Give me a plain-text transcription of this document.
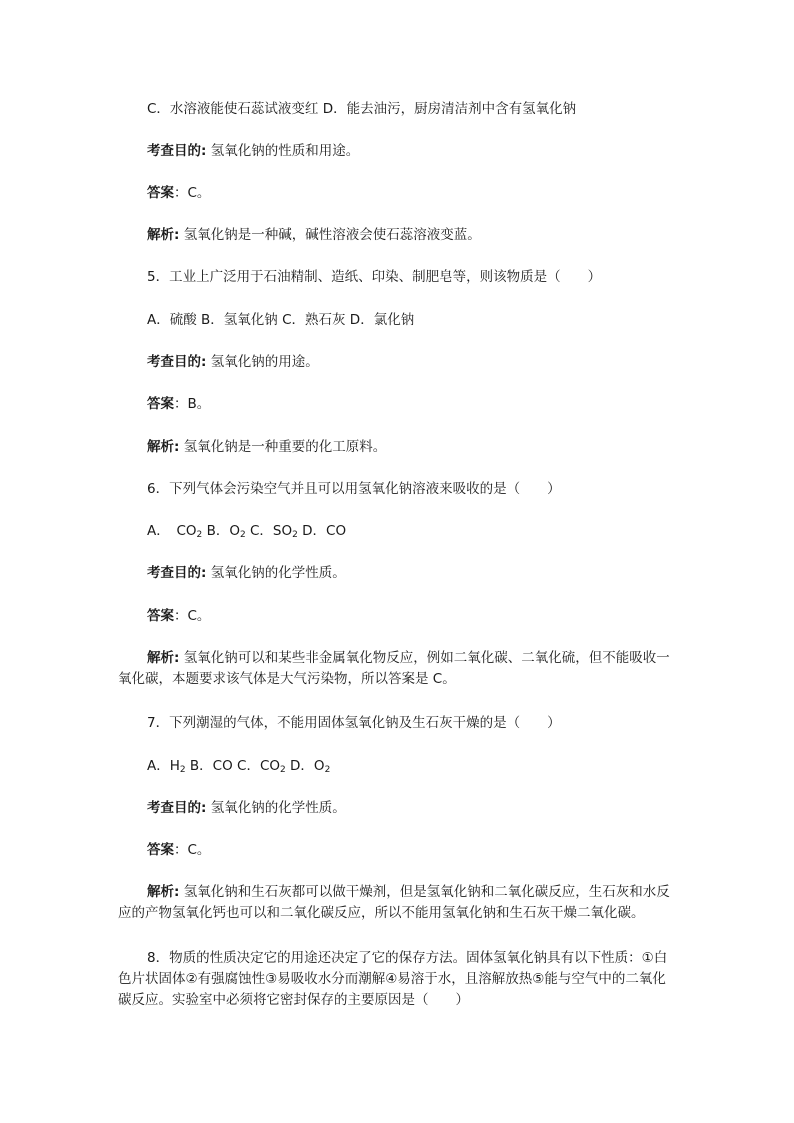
C．水溶液能使石蕊试液变红 D．能去油污，厨房清洁剂中含有氢氧化钠

考查目的: 氢氧化钠的性质和用途。

答案：C。

解析: 氢氧化钠是一种碱，碱性溶液会使石蕊溶液变蓝。

5．工业上广泛用于石油精制、造纸、印染、制肥皂等，则该物质是（　　）

A．硫酸 B．氢氧化钠 C．熟石灰 D．氯化钠

考查目的: 氢氧化钠的用途。

答案：B。

解析: 氢氧化钠是一种重要的化工原料。

6．下列气体会污染空气并且可以用氢氧化钠溶液来吸收的是（　　）

A．　$CO_2$ B．$O_2$ C．$SO_2$ D．CO

考查目的: 氢氧化钠的化学性质。

答案：C。

解析: 氢氧化钠可以和某些非金属氧化物反应，例如二氧化碳、二氧化硫，但不能吸收一氧化碳，本题要求该气体是大气污染物，所以答案是 C。

7．下列潮湿的气体，不能用固体氢氧化钠及生石灰干燥的是（　　）

A．$H_2$ B．CO C．$CO_2$ D．$O_2$

考查目的: 氢氧化钠的化学性质。

答案：C。

解析: 氢氧化钠和生石灰都可以做干燥剂，但是氢氧化钠和二氧化碳反应，生石灰和水反应的产物氢氧化钙也可以和二氧化碳反应，所以不能用氢氧化钠和生石灰干燥二氧化碳。

8．物质的性质决定它的用途还决定了它的保存方法。固体氢氧化钠具有以下性质：①白色片状固体②有强腐蚀性③易吸收水分而潮解④易溶于水，且溶解放热⑤能与空气中的二氧化碳反应。实验室中必须将它密封保存的主要原因是（　　）
